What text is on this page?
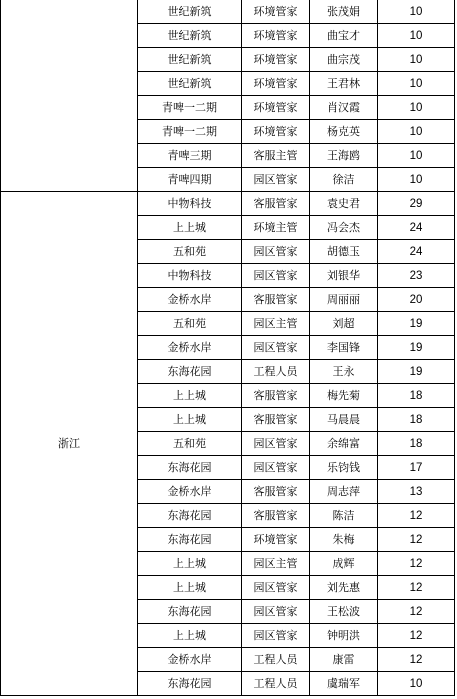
	世纪新筑	环境管家	张茂娟	10
	世纪新筑	环境管家	曲宝才	10
	世纪新筑	环境管家	曲宗茂	10
	世纪新筑	环境管家	王君林	10
	青啤一二期	环境管家	肖汉霞	10
	青啤一二期	环境管家	杨克英	10
	青啤三期	客服主管	王海鸥	10
	青啤四期	园区管家	徐洁	10
浙江	中物科技	客服管家	袁史君	29
	上上城	环境主管	冯会杰	24
	五和苑	园区管家	胡德玉	24
	中物科技	园区管家	刘银华	23
	金桥水岸	客服管家	周丽丽	20
	五和苑	园区主管	刘超	19
	金桥水岸	园区管家	李国锋	19
	东海花园	工程人员	王永	19
	上上城	客服管家	梅先菊	18
	上上城	客服管家	马晨晨	18
	五和苑	园区管家	余绵富	18
	东海花园	园区管家	乐钧钱	17
	金桥水岸	客服管家	周志萍	13
	东海花园	客服管家	陈洁	12
	东海花园	环境管家	朱梅	12
	上上城	园区主管	成辉	12
	上上城	园区管家	刘先惠	12
	东海花园	园区管家	王松波	12
	上上城	园区管家	钟明洪	12
	金桥水岸	工程人员	康雷	12
	东海花园	工程人员	虞瑞军	10
